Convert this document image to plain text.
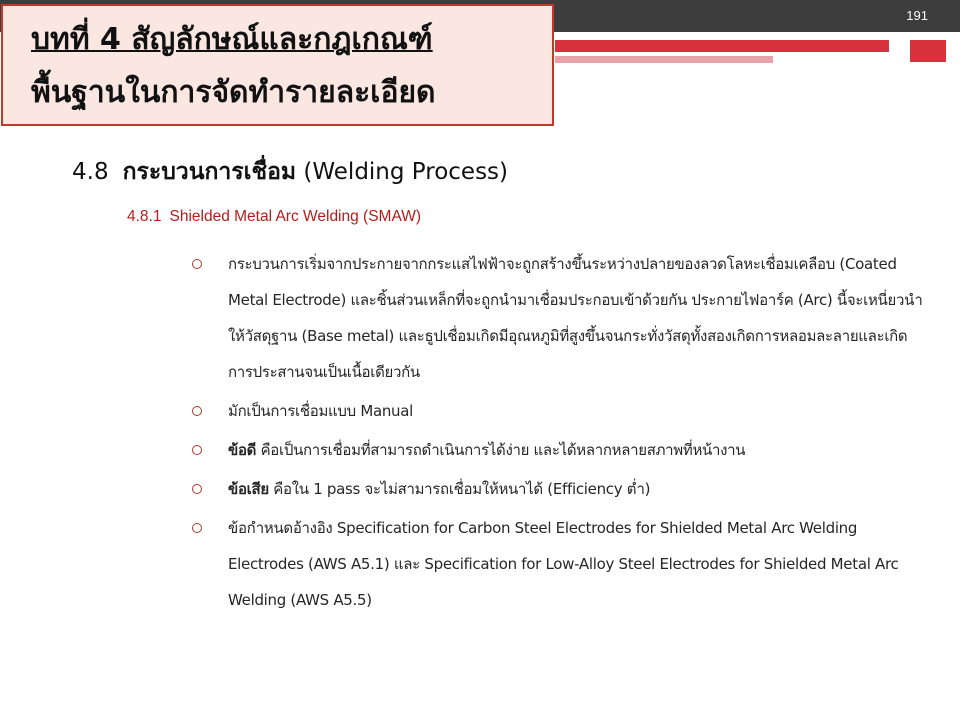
191
บทที่ 4 สัญลักษณ์และกฎเกณฑ์
พื้นฐานในการจัดทำรายละเอียด
4.8 กระบวนการเชื่อม (Welding Process)
4.8.1 Shielded Metal Arc Welding (SMAW)
กระบวนการเริ่มจากประกายจากกระแสไฟฟ้าจะถูกสร้างขึ้นระหว่างปลายของลวดโลหะเชื่อมเคลือบ (Coated Metal Electrode) และชิ้นส่วนเหล็กที่จะถูกนำมาเชื่อมประกอบเข้าด้วยกัน ประกายไฟอาร์ค (Arc) นี้จะเหนี่ยวนำให้วัสดุฐาน (Base metal) และธูปเชื่อมเกิดมีอุณหภูมิที่สูงขึ้นจนกระทั่งวัสดุทั้งสองเกิดการหลอมละลายและเกิดการประสานจนเป็นเนื้อเดียวกัน
มักเป็นการเชื่อมแบบ Manual
ข้อดี คือเป็นการเชื่อมที่สามารถดำเนินการได้ง่าย และได้หลากหลายสภาพที่หน้างาน
ข้อเสีย คือใน 1 pass จะไม่สามารถเชื่อมให้หนาได้ (Efficiency ต่ำ)
ข้อกำหนดอ้างอิง Specification for Carbon Steel Electrodes for Shielded Metal Arc Welding Electrodes (AWS A5.1) และ Specification for Low-Alloy Steel Electrodes for Shielded Metal Arc Welding (AWS A5.5)
